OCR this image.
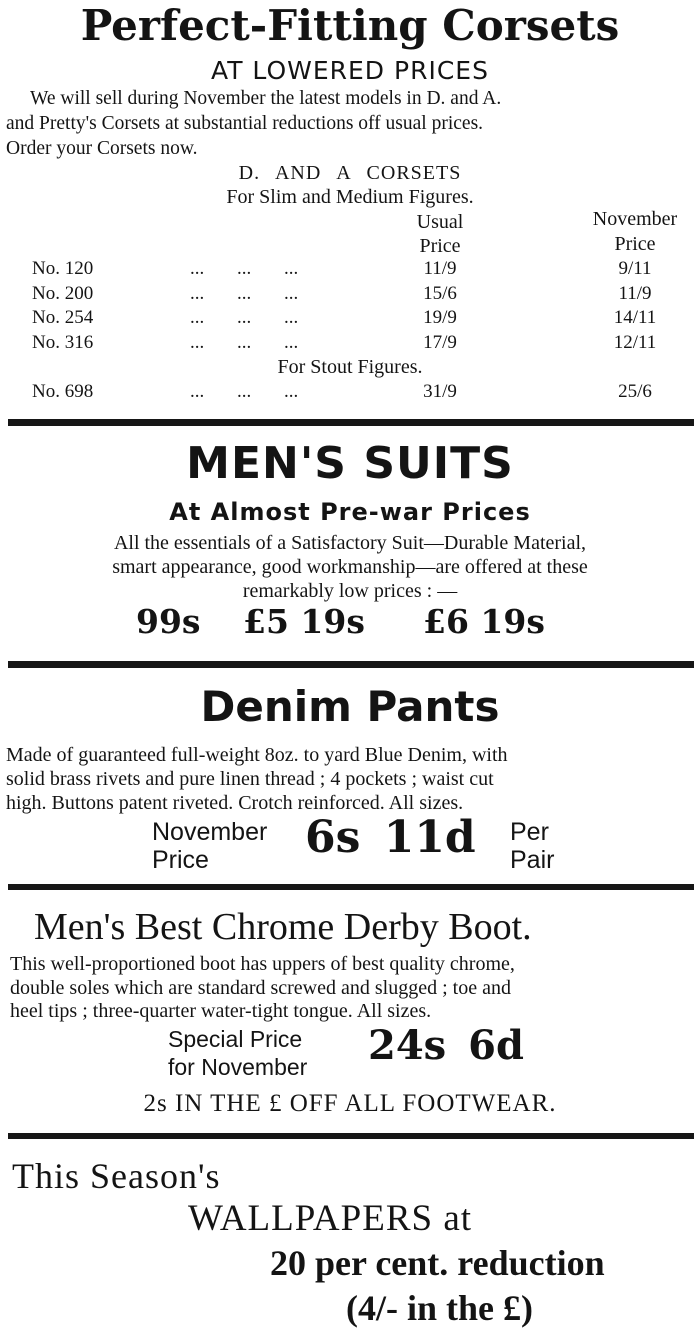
Perfect-Fitting Corsets
AT LOWERED PRICES
We will sell during November the latest models in D. and A.
and Pretty's Corsets at substantial reductions off usual prices.
Order your Corsets now.
D. AND A CORSETS
For Slim and Medium Figures.
Usual
Price
November
Price
No. 120	... ... ...	11/9	9/11
No. 200	... ... ...	15/6	11/9
No. 254	... ... ...	19/9	14/11
No. 316	... ... ...	17/9	12/11
For Stout Figures.
No. 698	... ... ...	31/9	25/6
MEN'S SUITS
At Almost Pre-war Prices
All the essentials of a Satisfactory Suit—Durable Material,
smart appearance, good workmanship—are offered at these
remarkably low prices : —
99s £5 19s £6 19s
Denim Pants
Made of guaranteed full-weight 8oz. to yard Blue Denim, with
solid brass rivets and pure linen thread ; 4 pockets ; waist cut
high. Buttons patent riveted. Crotch reinforced. All sizes.
November
Price 6s 11d Per
Pair
Men's Best Chrome Derby Boot.
This well-proportioned boot has uppers of best quality chrome,
double soles which are standard screwed and slugged ; toe and
heel tips ; three-quarter water-tight tongue. All sizes.
Special Price
for November 24s 6d
2s IN THE £ OFF ALL FOOTWEAR.
This Season's
WALLPAPERS at
20 per cent. reduction
(4/- in the £)
